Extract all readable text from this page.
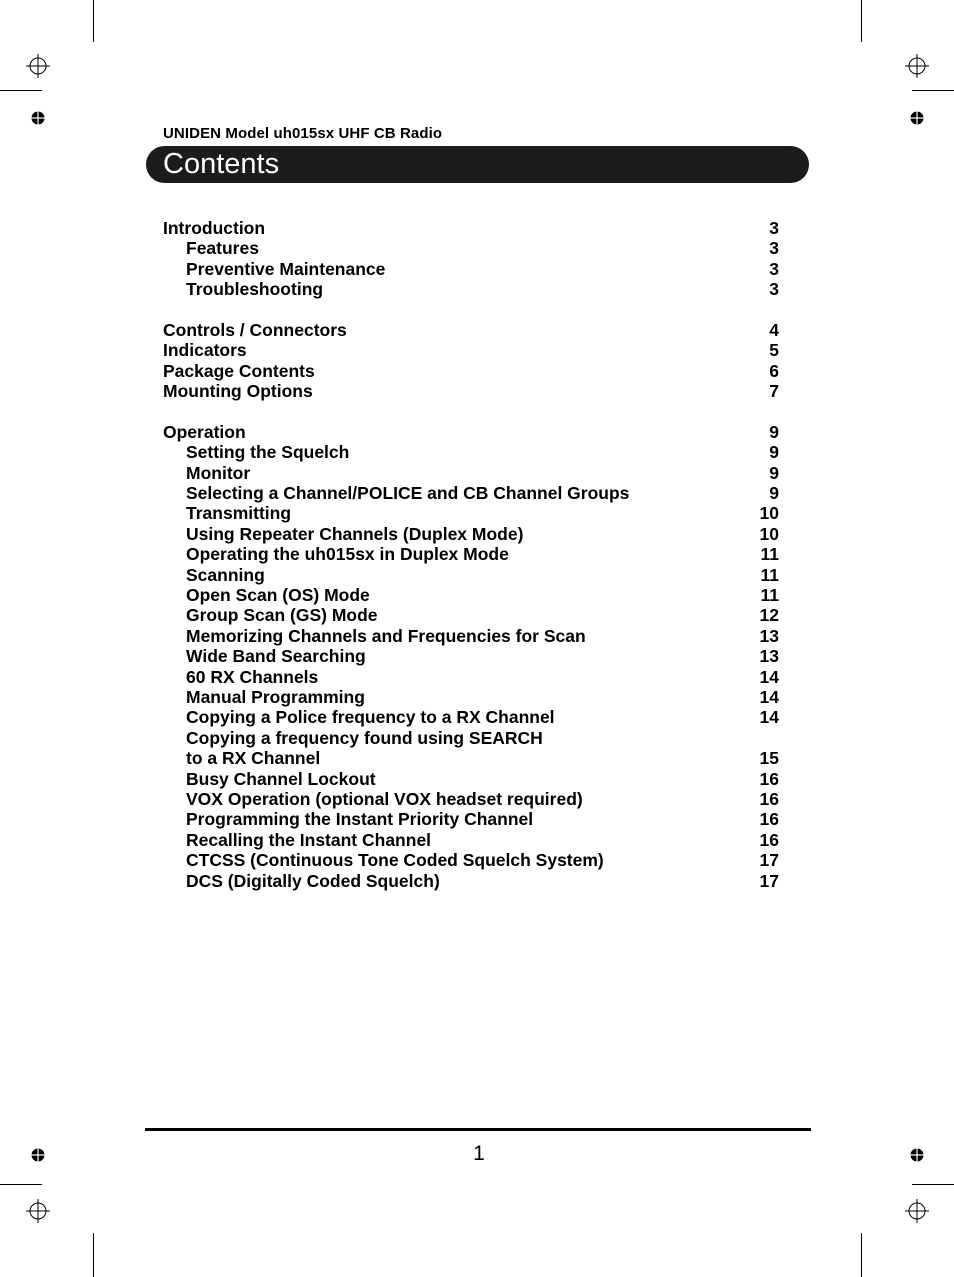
UNIDEN Model uh015sx UHF CB Radio
Contents
Introduction	3
Features	3
Preventive Maintenance	3
Troubleshooting	3
Controls / Connectors	4
Indicators	5
Package Contents	6
Mounting Options	7
Operation	9
Setting the Squelch	9
Monitor	9
Selecting a Channel/POLICE and CB Channel Groups	9
Transmitting	10
Using Repeater Channels (Duplex Mode)	10
Operating the uh015sx in Duplex Mode	11
Scanning	11
Open Scan (OS) Mode	11
Group Scan (GS) Mode	12
Memorizing Channels and Frequencies for Scan	13
Wide Band Searching	13
60 RX Channels	14
Manual Programming	14
Copying a Police frequency to a RX Channel	14
Copying a frequency found using SEARCH
to a RX Channel	15
Busy Channel Lockout	16
VOX Operation (optional VOX headset required)	16
Programming the Instant Priority Channel	16
Recalling the Instant Channel	16
CTCSS (Continuous Tone Coded Squelch System)	17
DCS (Digitally Coded Squelch)	17
1
